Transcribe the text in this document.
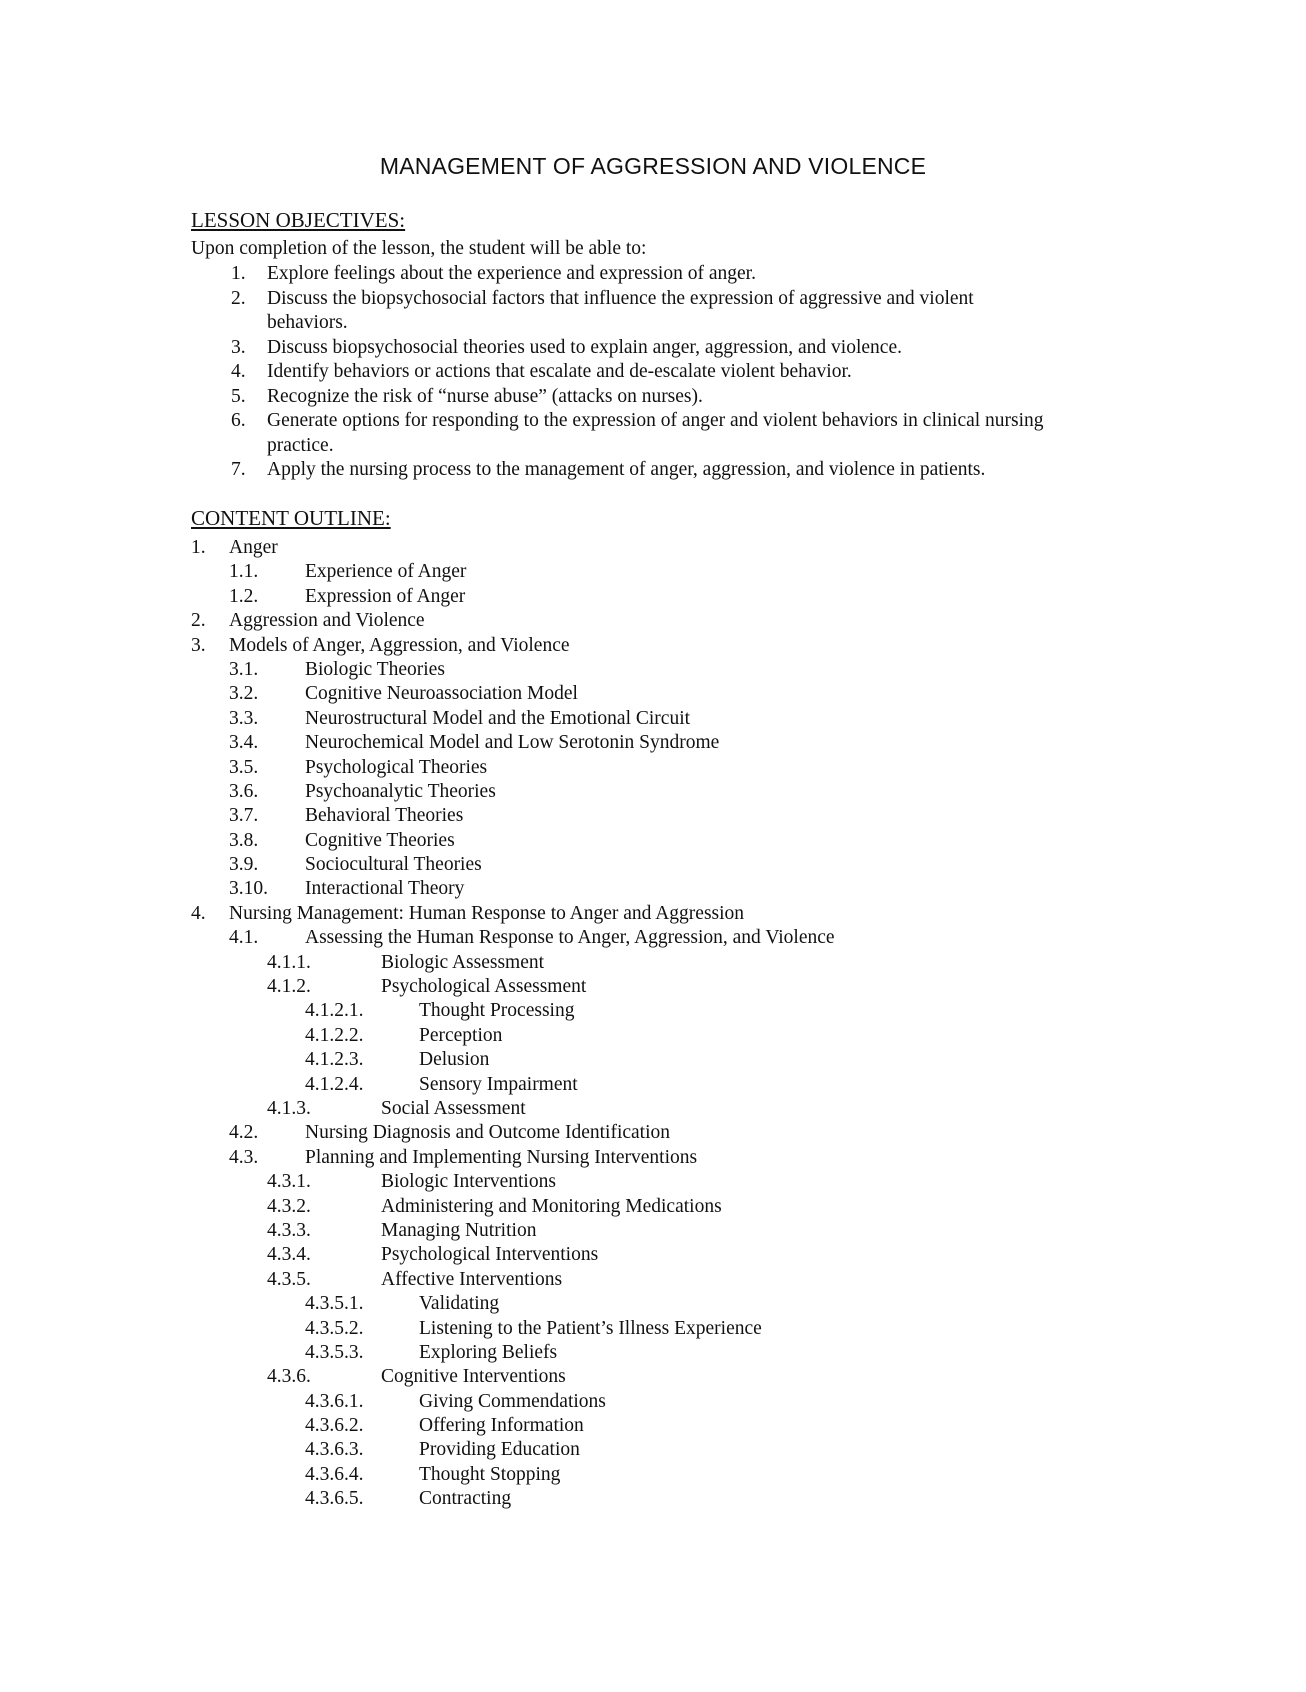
MANAGEMENT OF AGGRESSION AND VIOLENCE
LESSON OBJECTIVES:
Upon completion of the lesson, the student will be able to:
1. Explore feelings about the experience and expression of anger.
2. Discuss the biopsychosocial factors that influence the expression of aggressive and violent behaviors.
3. Discuss biopsychosocial theories used to explain anger, aggression, and violence.
4. Identify behaviors or actions that escalate and de-escalate violent behavior.
5. Recognize the risk of “nurse abuse” (attacks on nurses).
6. Generate options for responding to the expression of anger and violent behaviors in clinical nursing practice.
7. Apply the nursing process to the management of anger, aggression, and violence in patients.
CONTENT OUTLINE:
1. Anger
1.1. Experience of Anger
1.2. Expression of Anger
2. Aggression and Violence
3. Models of Anger, Aggression, and Violence
3.1. Biologic Theories
3.2. Cognitive Neuroassociation Model
3.3. Neurostructural Model and the Emotional Circuit
3.4. Neurochemical Model and Low Serotonin Syndrome
3.5. Psychological Theories
3.6. Psychoanalytic Theories
3.7. Behavioral Theories
3.8. Cognitive Theories
3.9. Sociocultural Theories
3.10. Interactional Theory
4. Nursing Management: Human Response to Anger and Aggression
4.1. Assessing the Human Response to Anger, Aggression, and Violence
4.1.1.	Biologic Assessment
4.1.2.	Psychological Assessment
4.1.2.1.	Thought Processing
4.1.2.2.	Perception
4.1.2.3.	Delusion
4.1.2.4.	Sensory Impairment
4.1.3.	Social Assessment
4.2. Nursing Diagnosis and Outcome Identification
4.3. Planning and Implementing Nursing Interventions
4.3.1.	Biologic Interventions
4.3.2.	Administering and Monitoring Medications
4.3.3.	Managing Nutrition
4.3.4.	Psychological Interventions
4.3.5.	Affective Interventions
4.3.5.1.	Validating
4.3.5.2.	Listening to the Patient’s Illness Experience
4.3.5.3.	Exploring Beliefs
4.3.6.	Cognitive Interventions
4.3.6.1.	Giving Commendations
4.3.6.2.	Offering Information
4.3.6.3.	Providing Education
4.3.6.4.	Thought Stopping
4.3.6.5.	Contracting
